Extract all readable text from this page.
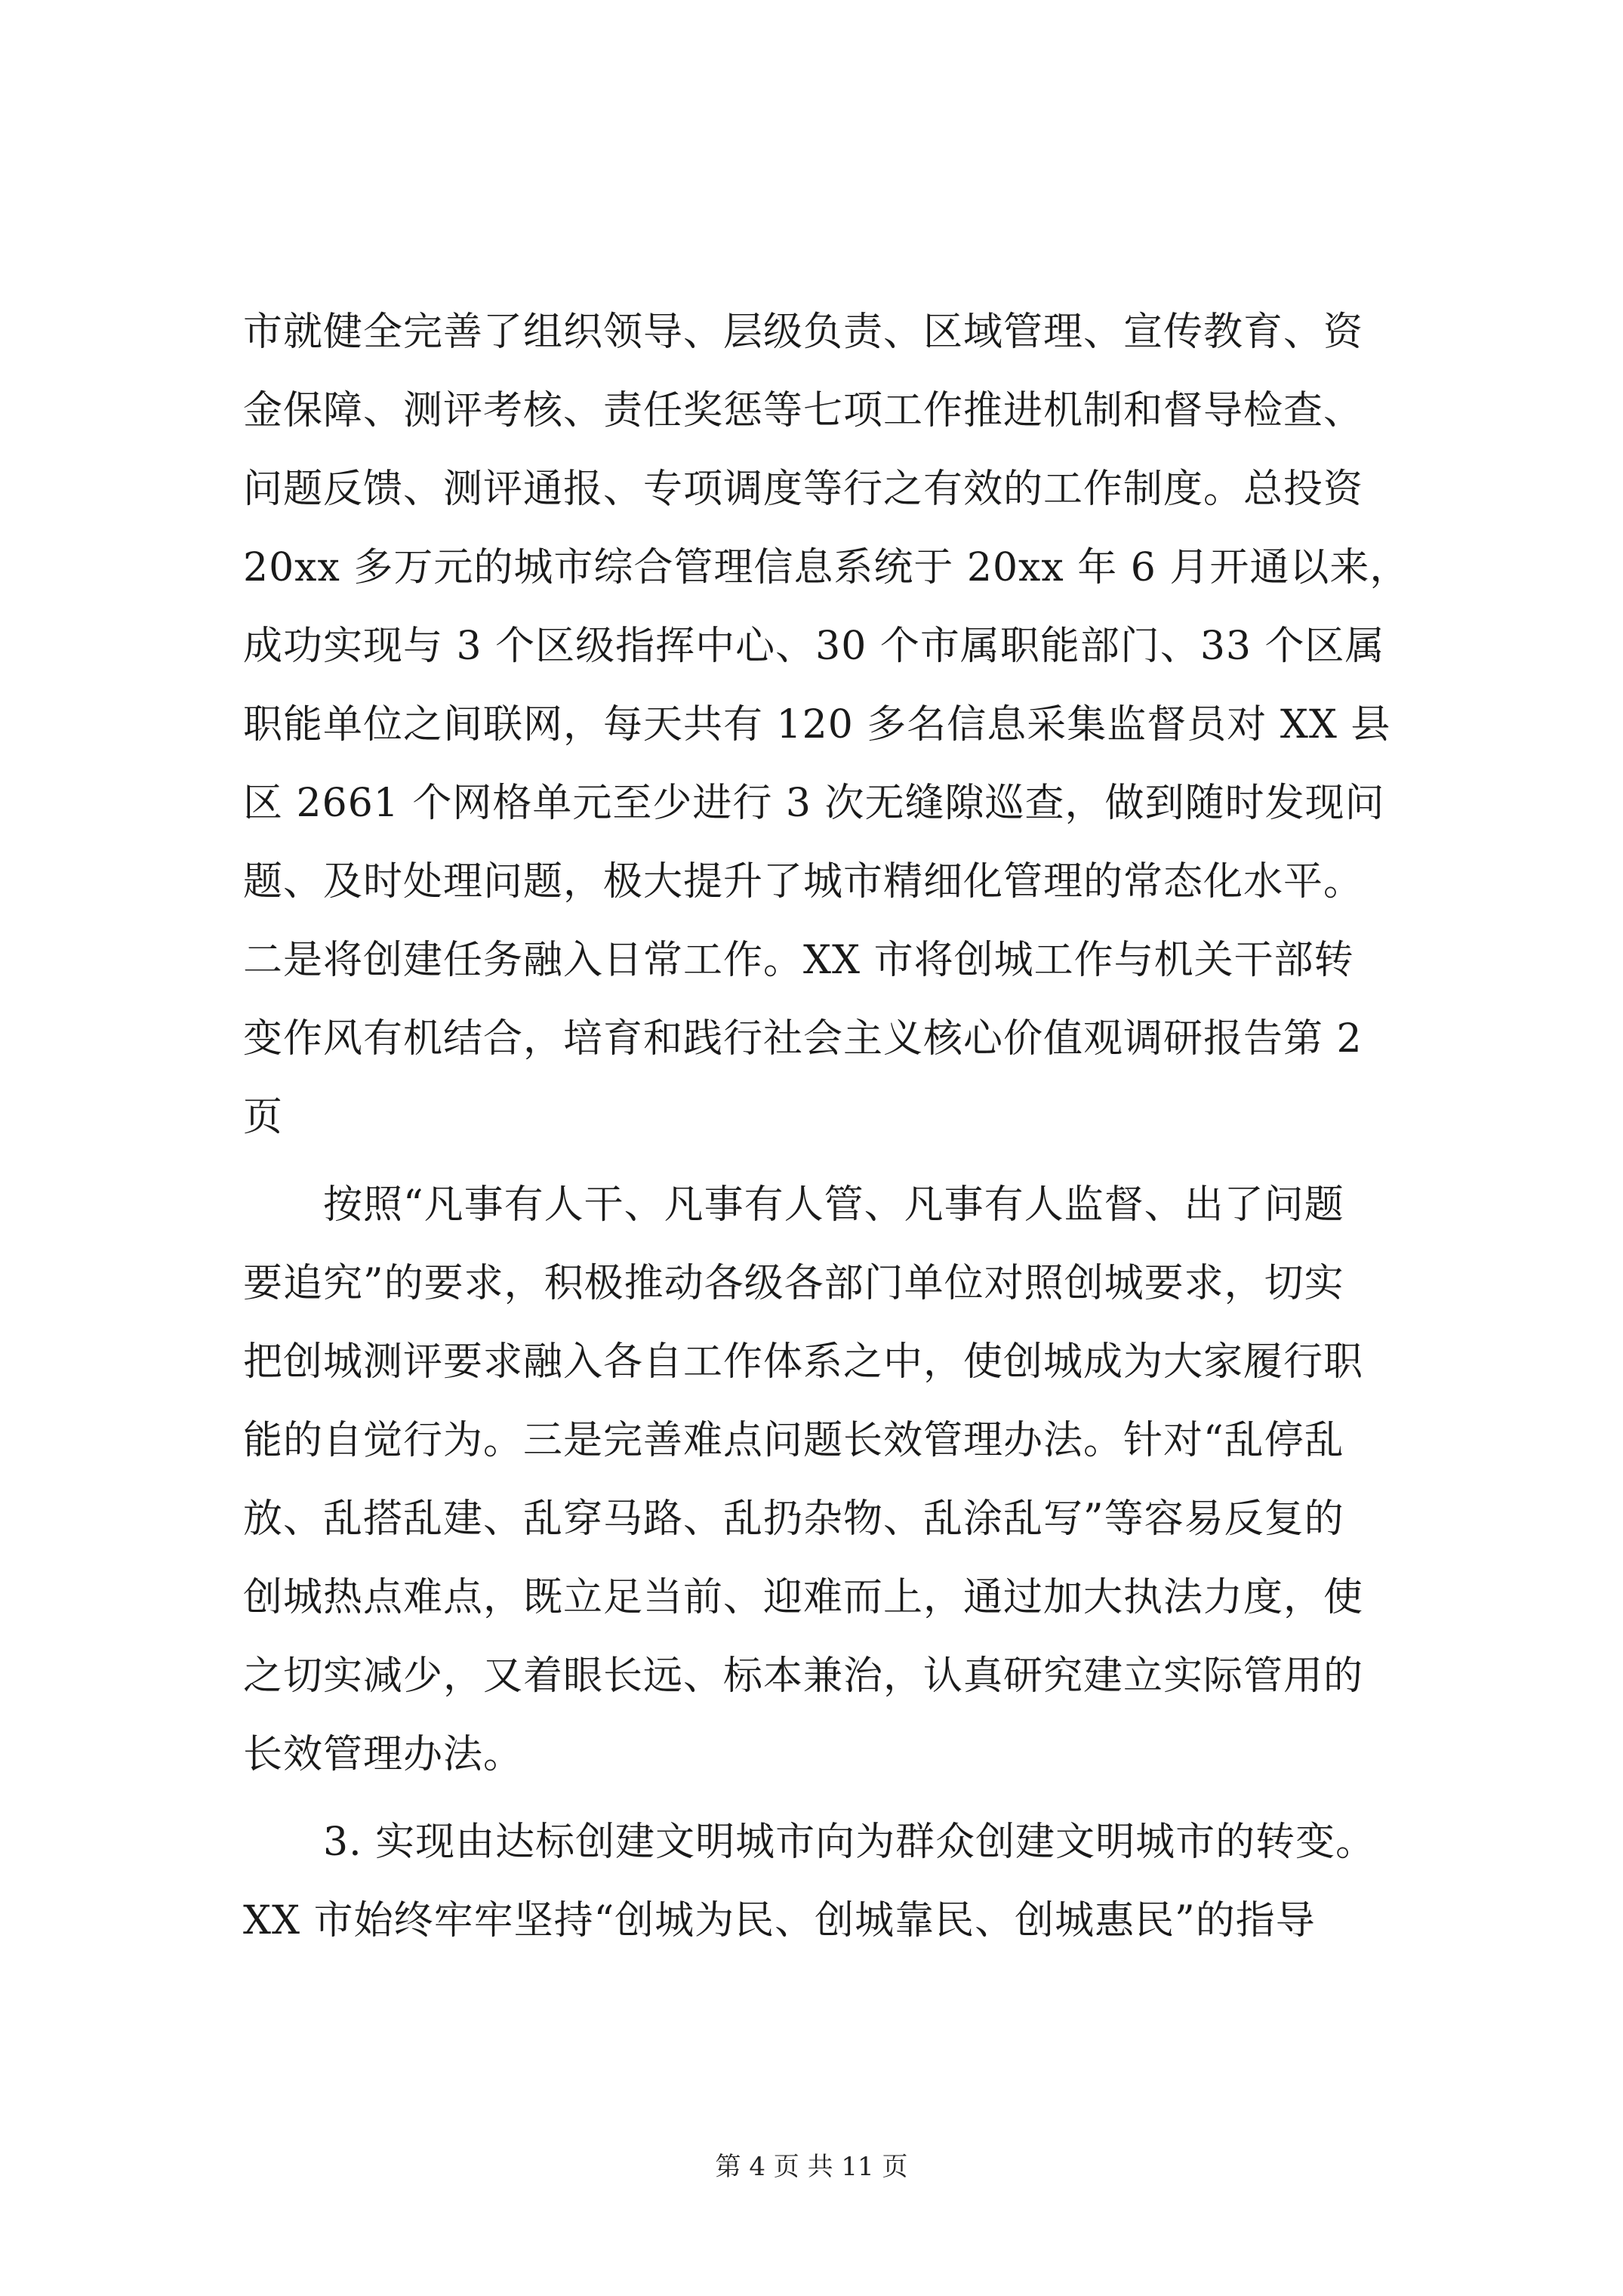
市就健全完善了组织领导、层级负责、区域管理、宣传教育、资
金保障、测评考核、责任奖惩等七项工作推进机制和督导检查、
问题反馈、测评通报、专项调度等行之有效的工作制度。总投资
20xx 多万元的城市综合管理信息系统于 20xx 年 6 月开通以来，
成功实现与 3 个区级指挥中心、30 个市属职能部门、33 个区属
职能单位之间联网，每天共有 120 多名信息采集监督员对 XX 县
区 2661 个网格单元至少进行 3 次无缝隙巡查，做到随时发现问
题、及时处理问题，极大提升了城市精细化管理的常态化水平。
二是将创建任务融入日常工作。XX 市将创城工作与机关干部转
变作风有机结合，培育和践行社会主义核心价值观调研报告第 2
页
　　按照“凡事有人干、凡事有人管、凡事有人监督、出了问题
要追究”的要求，积极推动各级各部门单位对照创城要求，切实
把创城测评要求融入各自工作体系之中，使创城成为大家履行职
能的自觉行为。三是完善难点问题长效管理办法。针对“乱停乱
放、乱搭乱建、乱穿马路、乱扔杂物、乱涂乱写”等容易反复的
创城热点难点，既立足当前、迎难而上，通过加大执法力度，使
之切实减少，又着眼长远、标本兼治，认真研究建立实际管用的
长效管理办法。
　　3. 实现由达标创建文明城市向为群众创建文明城市的转变。
XX 市始终牢牢坚持“创城为民、创城靠民、创城惠民”的指导
第 4 页 共 11 页
